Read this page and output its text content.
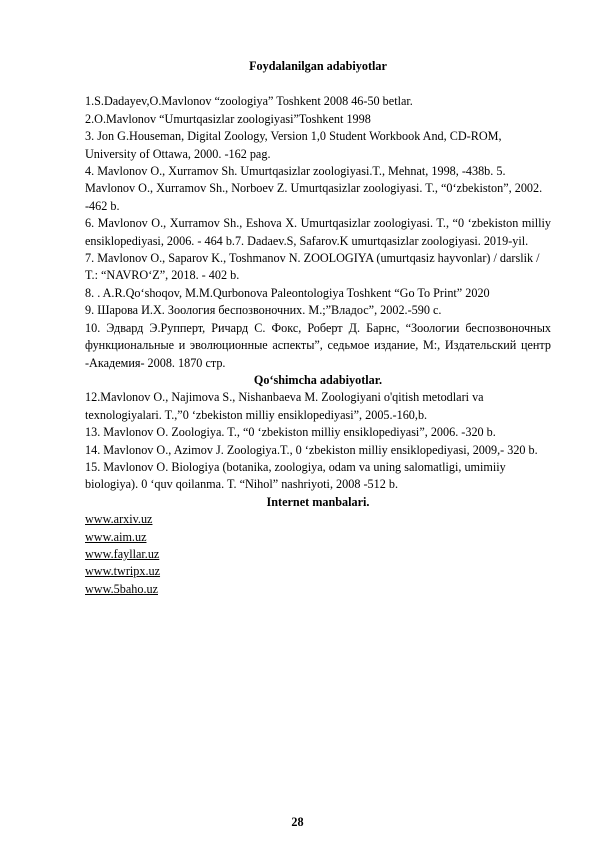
Foydalanilgan adabiyotlar

1.S.Dadayev,O.Mavlonov “zoologiya” Toshkent 2008 46-50 betlar.

2.O.Mavlonov “Umurtqasizlar zoologiyasi”Toshkent 1998

3. Jon G.Houseman, Digital Zoology, Version 1,0 Student Workbook And, CD-ROM, University of Ottawa, 2000. -162 pag.

4. Mavlonov O., Xurramov Sh. Umurtqasizlar zoologiyasi.T., Mehnat, 1998, -438b. 5. Mavlonov O., Xurramov Sh., Norboev Z. Umurtqasizlar zoologiyasi. T., “0‘zbekiston”, 2002. -462 b.

6. Mavlonov O., Xurramov Sh., Eshova X. Umurtqasizlar zoologiyasi. T., “0 ‘zbekiston milliy ensiklopediyasi, 2006. - 464 b.7. Dadaev.S, Safarov.K umurtqasizlar zoologiyasi. 2019-yil.

7. Mavlonov O., Saparov K., Toshmanov N. ZOOLOGIYA (umurtqasiz hayvonlar) / darslik / T.: “NAVRO‘Z”, 2018. - 402 b.

8. . A.R.Qo‘shoqov, M.M.Qurbonova Paleontologiya Toshkent “Go To Print” 2020

9. Шарова И.Х. Зоология беспозвоночних. М.;”Владос”, 2002.-590 с.

10. Эдвард Э.Рупперт, Ричард С. Фокс, Роберт Д. Барнс, “Зоологии беспозвоночных функциональные и эволюционные аспекты”, седьмое издание, М:, Издательский центр -Академия- 2008. 1870 стр.

Qo‘shimcha adabiyotlar.

12.Mavlonov O., Najimova S., Nishanbaeva M. Zoologiyani o'qitish metodlari va texnologiyalari. T.,”0 ‘zbekiston milliy ensiklopediyasi”, 2005.-160,b.

13. Mavlonov O. Zoologiya. T., “0 ‘zbekiston milliy ensiklopediyasi”, 2006. -320 b.

14. Mavlonov O., Azimov J. Zoologiya.T., 0 ‘zbekiston milliy ensiklopediyasi, 2009,- 320 b.

15. Mavlonov O. Biologiya (botanika, zoologiya, odam va uning salomatligi, umimiiy biologiya). 0 ‘quv qoilanma. T. “Nihol” nashriyoti, 2008 -512 b.

Internet manbalari.

www.arxiv.uz
www.aim.uz
www.fayllar.uz
www.twripx.uz
www.5baho.uz
28
